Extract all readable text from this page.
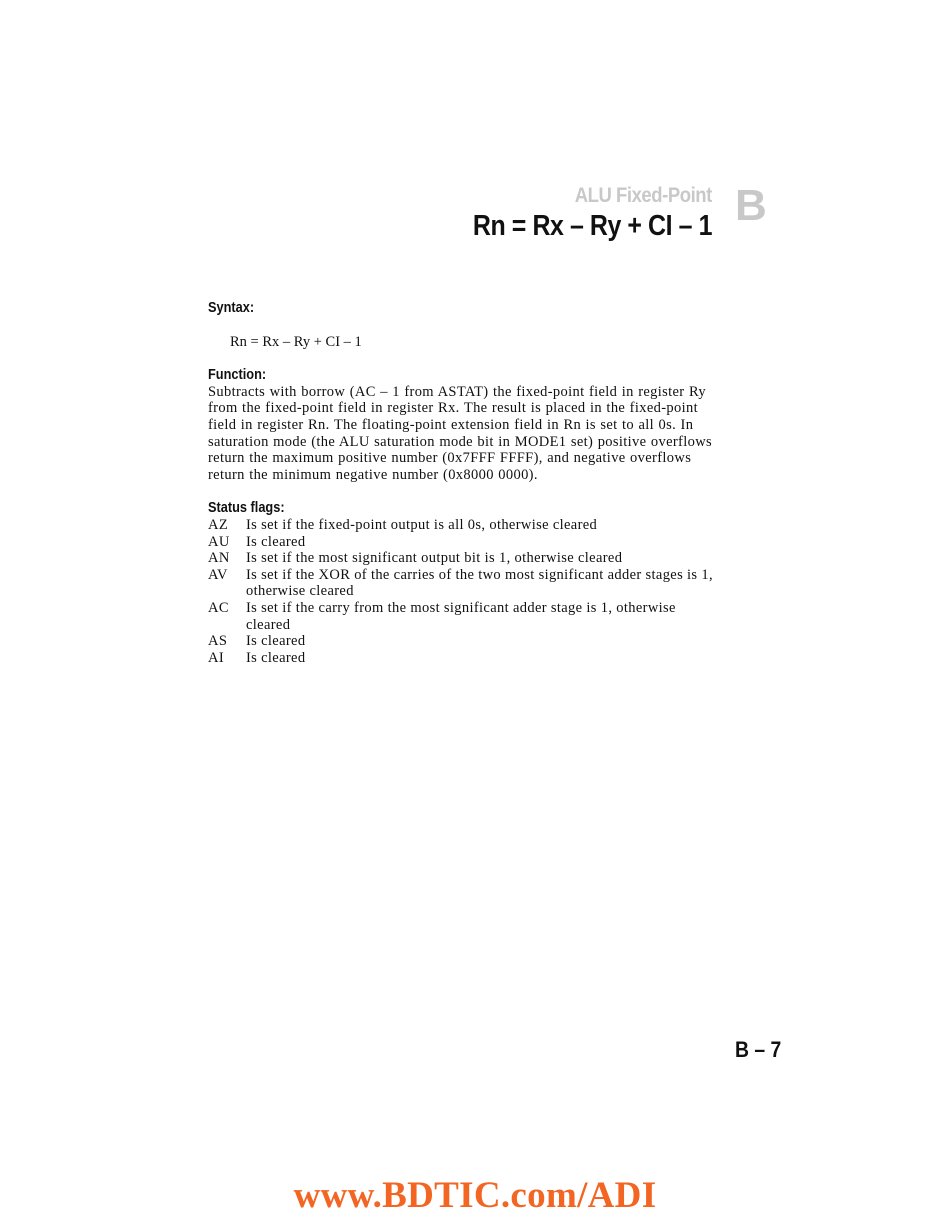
ALU Fixed-Point
Rn = Rx – Ry + CI – 1 B
Syntax:
Rn = Rx – Ry + CI – 1
Function:
Subtracts with borrow (AC – 1 from ASTAT) the fixed-point field in register Ry from the fixed-point field in register Rx. The result is placed in the fixed-point field in register Rn. The floating-point extension field in Rn is set to all 0s. In saturation mode (the ALU saturation mode bit in MODE1 set) positive overflows return the maximum positive number (0x7FFF FFFF), and negative overflows return the minimum negative number (0x8000 0000).
Status flags:
AZ	Is set if the fixed-point output is all 0s, otherwise cleared
AU	Is cleared
AN	Is set if the most significant output bit is 1, otherwise cleared
AV	Is set if the XOR of the carries of the two most significant adder stages is 1, otherwise cleared
AC	Is set if the carry from the most significant adder stage is 1, otherwise cleared
AS	Is cleared
AI	Is cleared
B – 7
www.BDTIC.com/ADI
